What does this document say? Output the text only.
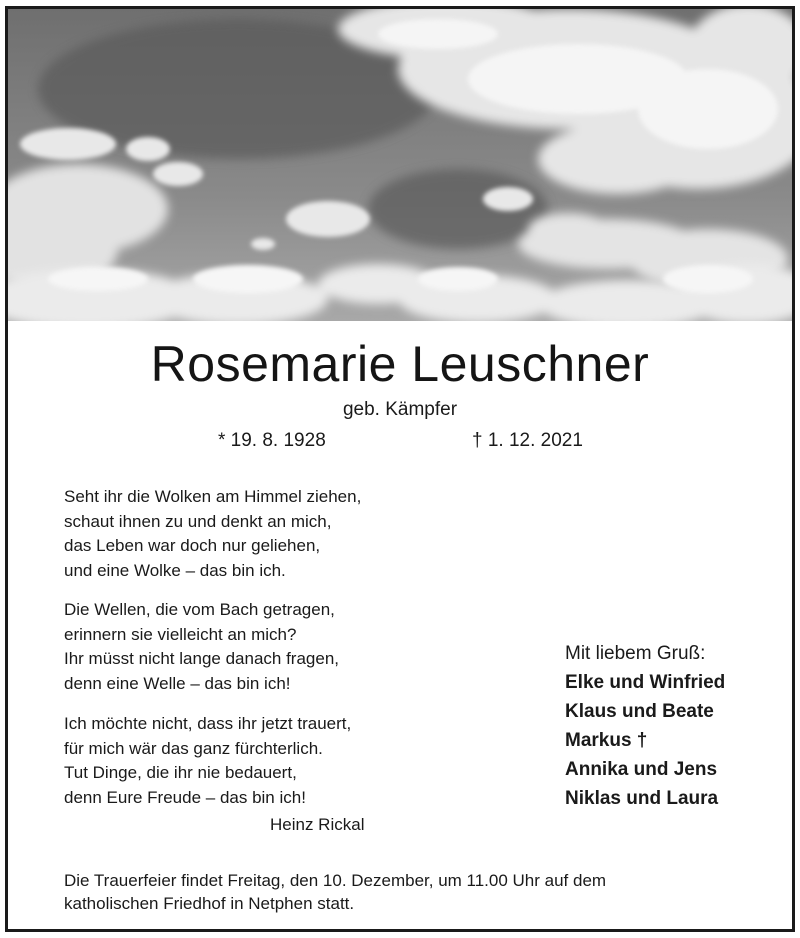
Rosemarie Leuschner
geb. Kämpfer
* 19. 8. 1928	† 1. 12. 2021
Seht ihr die Wolken am Himmel ziehen,
schaut ihnen zu und denkt an mich,
das Leben war doch nur geliehen,
und eine Wolke – das bin ich.
Die Wellen, die vom Bach getragen,
erinnern sie vielleicht an mich?
Ihr müsst nicht lange danach fragen,
denn eine Welle – das bin ich!
Ich möchte nicht, dass ihr jetzt trauert,
für mich wär das ganz fürchterlich.
Tut Dinge, die ihr nie bedauert,
denn Eure Freude – das bin ich!
Heinz Rickal
Mit liebem Gruß:
Elke und Winfried
Klaus und Beate
Markus †
Annika und Jens
Niklas und Laura
Die Trauerfeier findet Freitag, den 10. Dezember, um 11.00 Uhr auf dem
katholischen Friedhof in Netphen statt.
